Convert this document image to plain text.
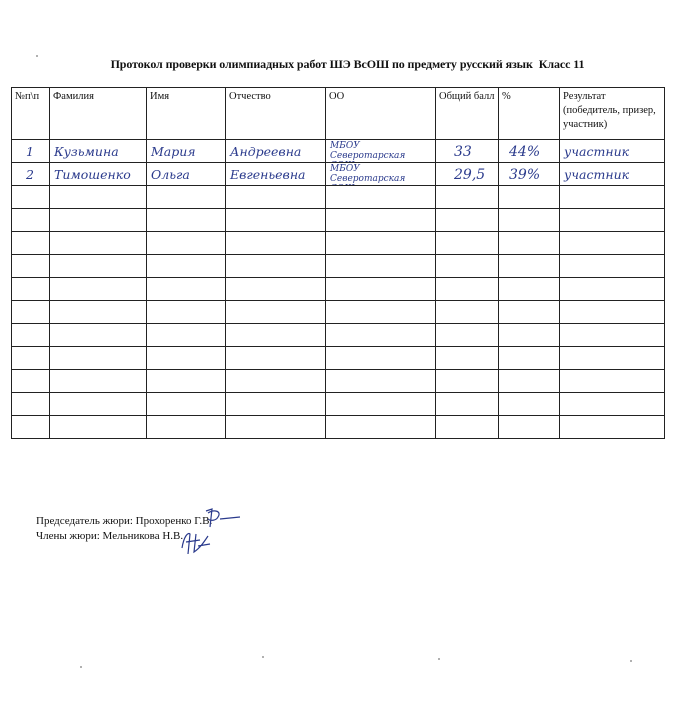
Протокол проверки олимпиадных работ ШЭ ВсОШ по предмету русский язык Класс 11
№п\п	Фамилия	Имя	Отчество	ОО	Общий балл	%	Результат (победитель, призер, участник)

1	Кузьмина	Мария	Андреевна	МБОУ Северотарская	33	44%	участник

2	Тимошенко	Ольга	Евгеньевна	МБОУ Северотарская	29,5	39%	участник

Председатель жюри: Прохоренко Г.В.
Члены жюри: Мельникова Н.В.
